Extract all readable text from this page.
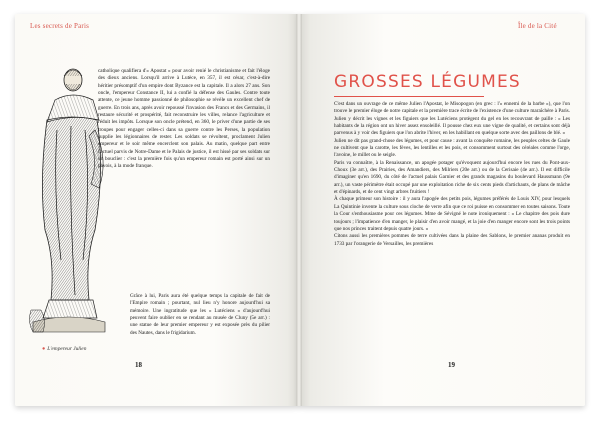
Les secrets de Paris
● L'empereur Julien

catholique qualifiera d'« Apostat » pour avoir renié le christianisme et fait l'éloge des dieux anciens. Lorsqu'il arrive à Lutèce, en 357, il est césar, c'est-à-dire héritier présomptif d'un empire dont Byzance est la capitale. Il a alors 27 ans. Son oncle, l'empereur Constance II, lui a confié la défense des Gaules. Contre toute attente, ce jeune homme passionné de philosophie se révèle un excellent chef de guerre. En trois ans, après avoir repoussé l'invasion des Francs et des Germains, il restaure sécurité et prospérité, fait reconstruire les villes, relance l'agriculture et réduit les impôts. Lorsque son oncle prétend, en 360, le priver d'une partie de ses troupes pour engager celles-ci dans sa guerre contre les Perses, la population supplie les légionnaires de rester. Les soldats se révoltent, proclament Julien empereur et le soir même encerclent son palais. Au matin, quelque part entre l'actuel parvis de Notre-Dame et le Palais de justice, il est hissé par ses soldats sur un bouclier : c'est la première fois qu'un empereur romain est porté ainsi sur un pavois, à la mode franque.

Grâce à lui, Paris aura été quelque temps la capitale de fait de l'Empire romain ; pourtant, nul lieu n'y honore aujourd'hui sa mémoire. Une ingratitude que les « Lutéciens » d'aujourd'hui peuvent faire oublier en se rendant au musée de Cluny (5e arr.) : une statue de leur premier empereur y est exposée près du pilier des Nautes, dans le frigidarium.

18
Île de la Cité
GROSSES LÉGUMES

C'est dans un ouvrage de ce même Julien l'Apostat, le Misopogon (en grec : l'« ennemi de la barbe »), que l'on trouve le premier éloge de notre capitale et la première trace écrite de l'existence d'une culture maraîchère à Paris. Julien y décrit les vignes et les figuiers que les Lutéciens protègent du gel en les recouvrant de paille : « Les habitants de la région ont un hiver assez ensoleillé. Il pousse chez eux une vigne de qualité, et certains sont déjà parvenus à y voir des figuiers que l'on abrite l'hiver, en les habillant en quelque sorte avec des paillons de blé. »

Julien ne dit pas grand-chose des légumes, et pour cause : avant la conquête romaine, les peuples celtes de Gaule ne cultivent que la carotte, les fèves, les lentilles et les pois, et consomment surtout des céréales comme l'orge, l'avoine, le millet ou le seigle.

Paris va connaître, à la Renaissance, un apogée potager qu'évoquent aujourd'hui encore les rues du Pont-aux-Choux (3e arr.), des Prairies, des Amandiers, des Milriers (20e arr.) ou de la Cerisaie (4e arr.). Il est difficile d'imaginer qu'en 1690, du côté de l'actuel palais Garnier et des grands magasins du boulevard Haussmann (9e arr.), un vaste périmètre était occupé par une exploitation riche de six cents pieds d'artichauts, de plans de mâche et d'épinards, et de cent vingt arbres fruitiers !

À chaque primeur son histoire : il y aura l'apogée des petits pois, légumes préférés de Louis XIV, pour lesquels La Quintinie invente la culture sous cloche de verre afin que ce roi puisse en consommer en toutes saisons. Toute la Cour s'enthousiasme pour ces légumes. Mme de Sévigné le note ironiquement : « Le chapitre des pois dure toujours ; l'impatience d'en manger, le plaisir d'en avoir mangé, et la joie d'en manger encore sont les trois points que nos princes traitent depuis quatre jours. »

Citons aussi les premières pommes de terre cultivées dans la plaine des Sablons, le premier ananas produit en 1733 par l'orangerie de Versailles, les premières

19
